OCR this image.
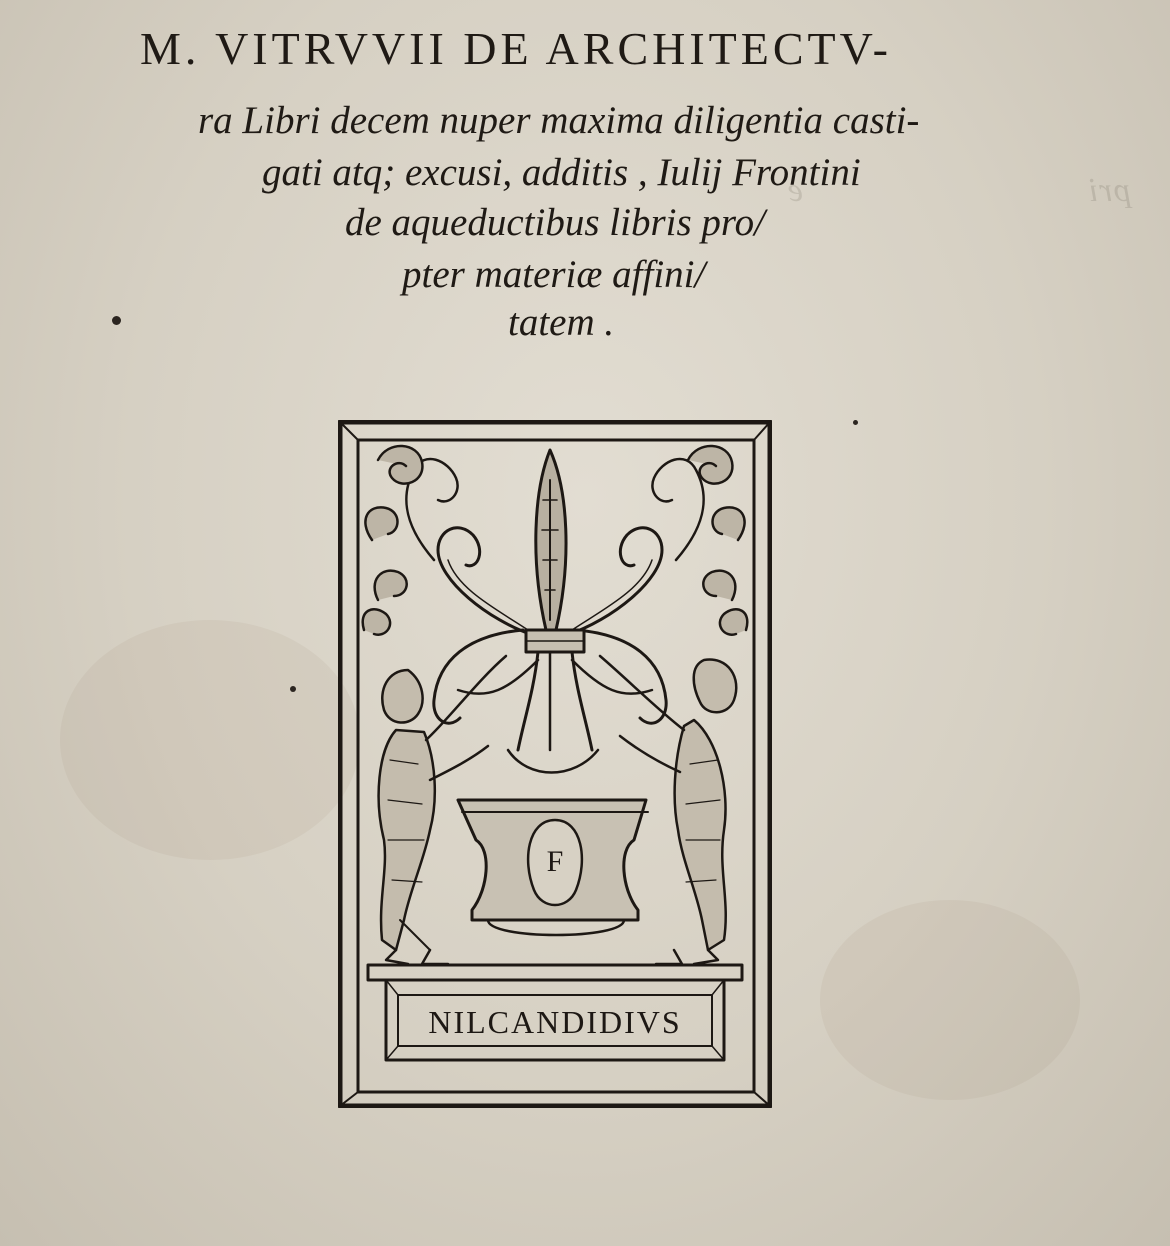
pri                              e

M. VITRVVII DE ARCHITECTV-
ra Libri decem nuper maxima diligentia casti-
gati atq; excusi, additis , Iulij Frontini
de aqueductibus libris pro/
pter materiæ affini/
tatem .
F
NILCANDIDIVS
